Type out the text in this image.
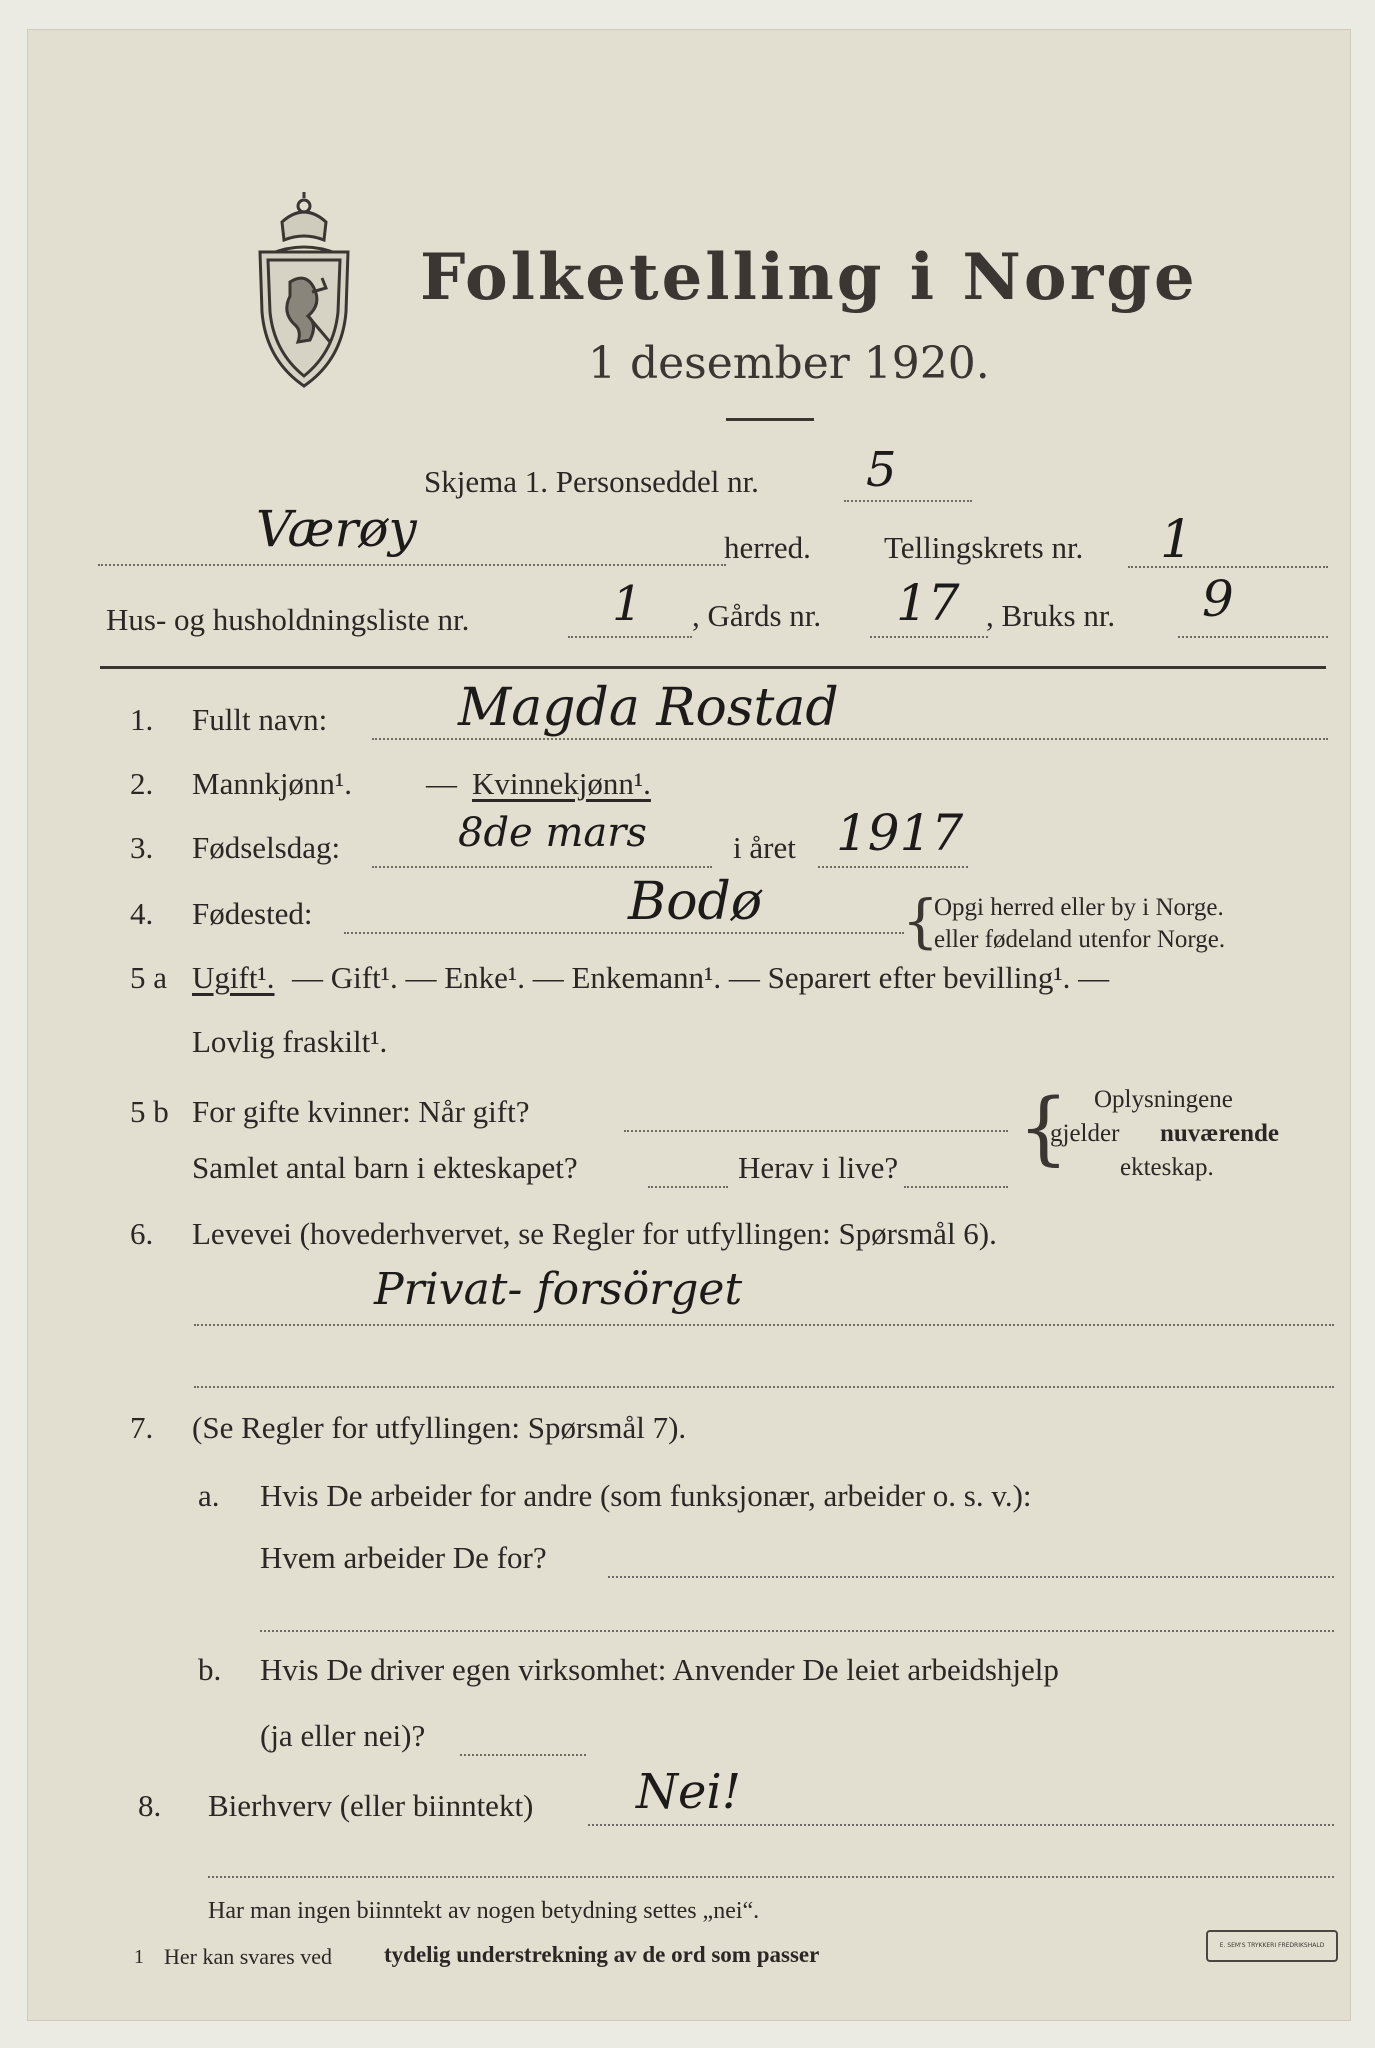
Folketelling i Norge
1 desember 1920.
Skjema 1. Personseddel nr. 5
Værøy	herred. Tellingskrets nr. 1
Hus- og husholdningsliste nr.	1 , Gårds nr. 17 , Bruks nr. 9
1. Fullt navn:	Magda Rostad
2. Mannkjønn¹. — Kvinnekjønn¹.
3. Fødselsdag:	8de mars	i året 1917
4. Fødested:	Bodø {
Opgi herred eller by i Norge.
eller fødeland utenfor Norge.
5 a Ugift¹. — Gift¹. — Enke¹. — Enkemann¹. — Separert efter bevilling¹. —
Lovlig fraskilt¹.
5 b For gifte kvinner: Når gift?
Samlet antal barn i ekteskapet?	Herav i live? { Oplysningene
gjelder nuværende
ekteskap.
6. Levevei (hovederhvervet, se Regler for utfyllingen: Spørsmål 6).
Privat- forsörget
7. (Se Regler for utfyllingen: Spørsmål 7).
a. Hvis De arbeider for andre (som funksjonær, arbeider o. s. v.):
Hvem arbeider De for?
b. Hvis De driver egen virksomhet: Anvender De leiet arbeidshjelp
(ja eller nei)?
8. Bierhverv (eller biinntekt) Nei!
Har man ingen biinntekt av nogen betydning settes „nei“.
1 Her kan svares ved tydelig understrekning av de ord som passer	E. SEM'S TRYKKERI FREDRIKSHALD
